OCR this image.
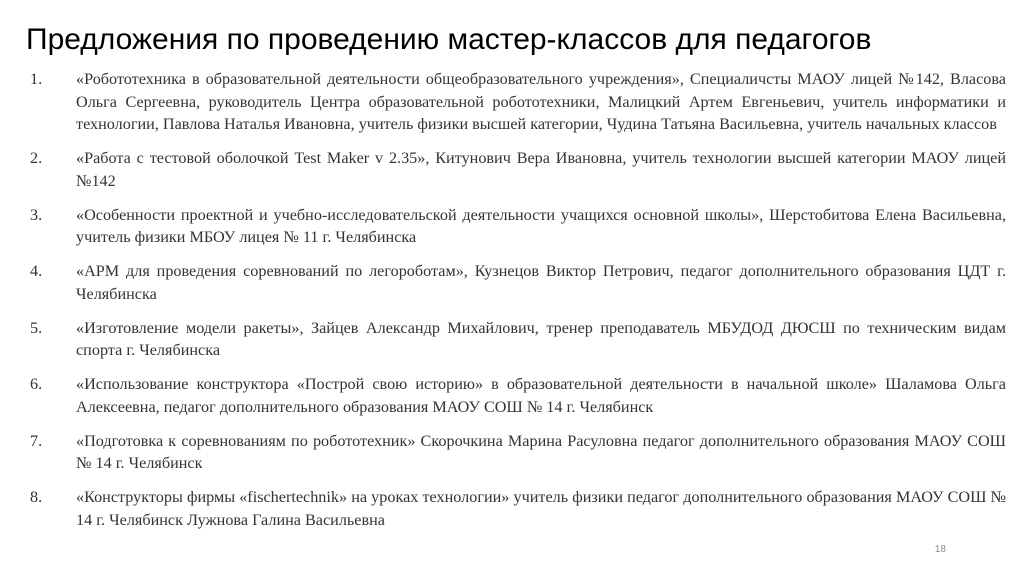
Предложения по проведению мастер-классов для педагогов
1.	«Робототехника в образовательной деятельности общеобразовательного учреждения», Специаличсты МАОУ лицей №142, Власова Ольга Сергеевна, руководитель Центра образовательной робототехники, Малицкий Артем Евгеньевич, учитель информатики и технологии, Павлова Наталья Ивановна, учитель физики высшей категории, Чудина Татьяна Васильевна, учитель начальных классов
2.	«Работа с тестовой оболочкой Test Maker v 2.35», Китунович Вера Ивановна, учитель технологии высшей категории МАОУ лицей №142
3.	«Особенности проектной и учебно-исследовательской деятельности учащихся основной школы», Шерстобитова Елена Васильевна, учитель физики МБОУ лицея № 11 г. Челябинска
4.	«АРМ для проведения соревнований по легороботам», Кузнецов Виктор Петрович, педагог дополнительного образования ЦДТ г. Челябинска
5.	«Изготовление модели ракеты», Зайцев Александр Михайлович, тренер преподаватель МБУДОД ДЮСШ по техническим видам спорта г. Челябинска
6.	«Использование конструктора «Построй свою историю» в образовательной деятельности в начальной школе» Шаламова Ольга Алексеевна, педагог дополнительного образования МАОУ СОШ № 14 г. Челябинск
7.	«Подготовка к соревнованиям по робототехник» Скорочкина Марина Расуловна педагог дополнительного образования МАОУ СОШ № 14 г. Челябинск
8.	«Конструкторы фирмы «fischertechnik» на уроках технологии» учитель физики педагог дополнительного образования МАОУ СОШ № 14 г. Челябинск Лужнова Галина Васильевна
18
